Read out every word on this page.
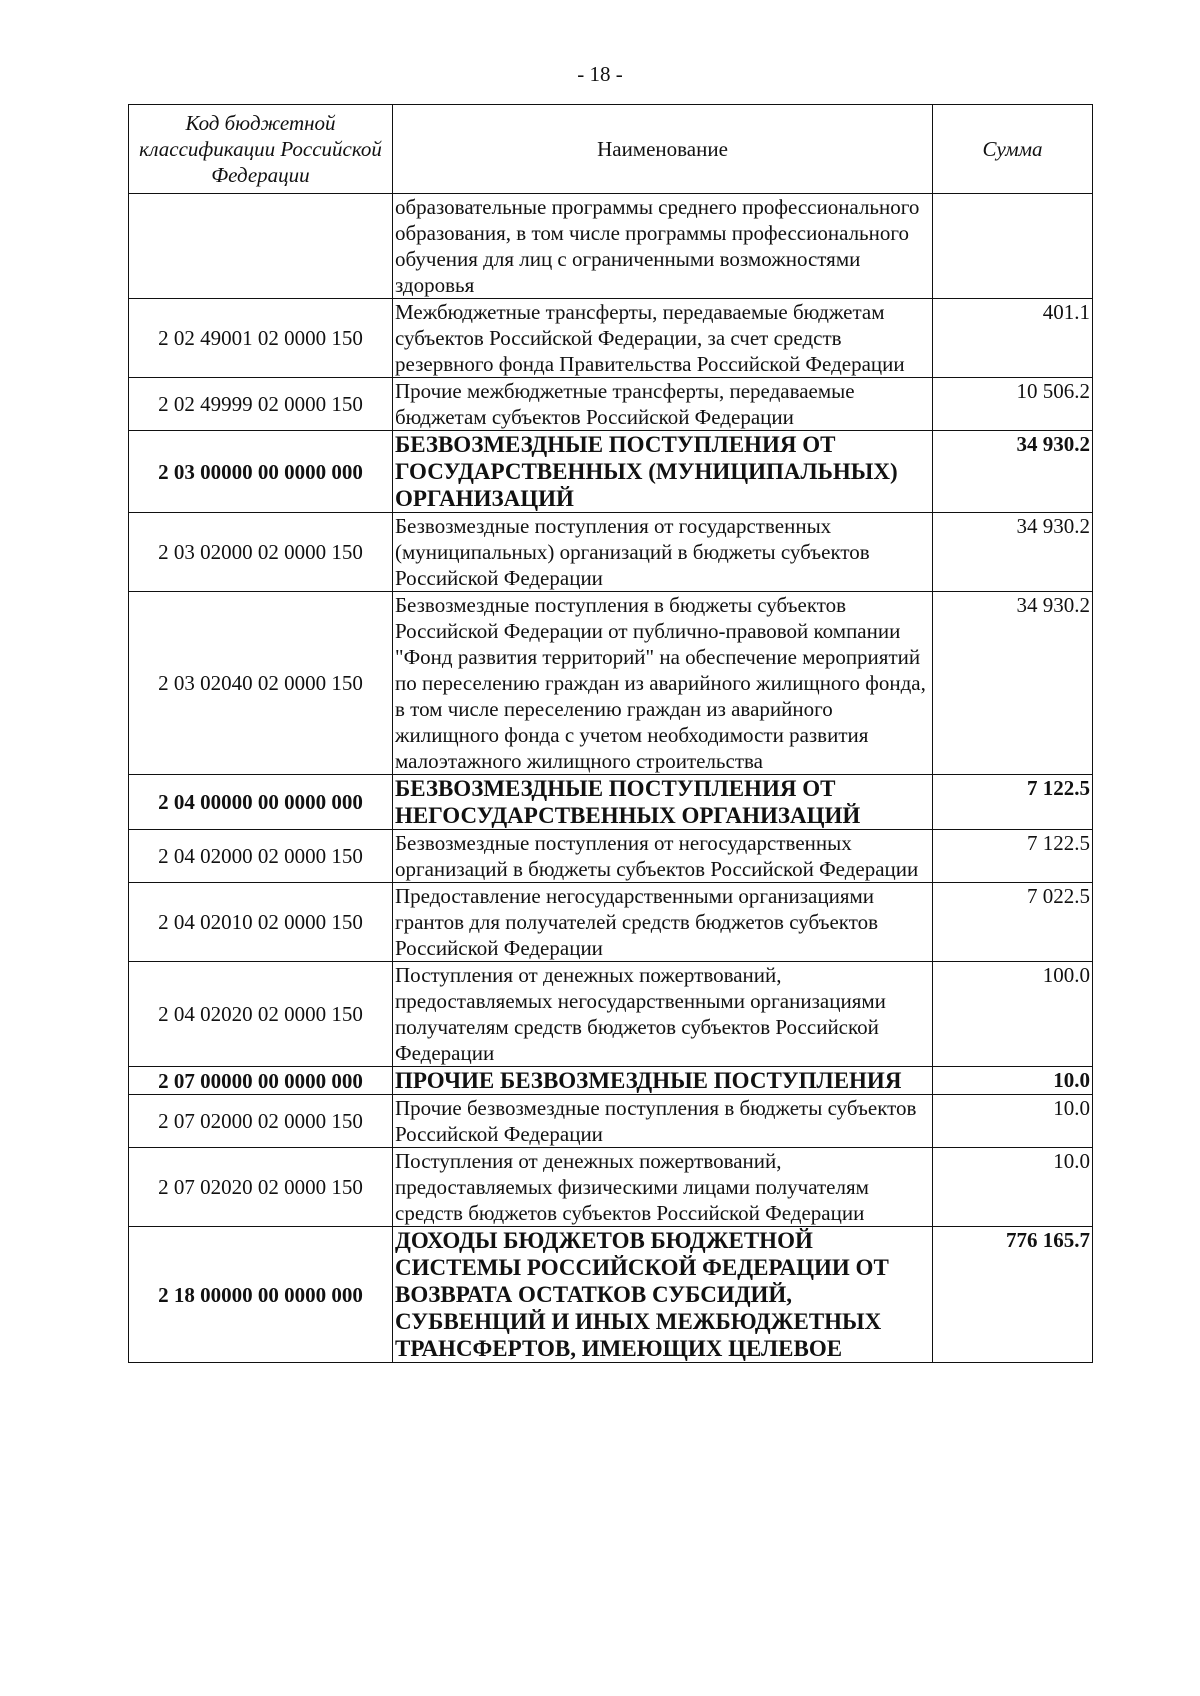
- 18 -
Код бюджетной классификации Российской Федерации	Наименование	Сумма
	образовательные программы среднего профессионального образования, в том числе программы профессионального обучения для лиц с ограниченными возможностями здоровья	
2 02 49001 02 0000 150	Межбюджетные трансферты, передаваемые бюджетам субъектов Российской Федерации, за счет средств резервного фонда Правительства Российской Федерации	401.1
2 02 49999 02 0000 150	Прочие межбюджетные трансферты, передаваемые бюджетам субъектов Российской Федерации	10 506.2
2 03 00000 00 0000 000	БЕЗВОЗМЕЗДНЫЕ ПОСТУПЛЕНИЯ ОТ ГОСУДАРСТВЕННЫХ (МУНИЦИПАЛЬНЫХ) ОРГАНИЗАЦИЙ	34 930.2
2 03 02000 02 0000 150	Безвозмездные поступления от государственных (муниципальных) организаций в бюджеты субъектов Российской Федерации	34 930.2
2 03 02040 02 0000 150	Безвозмездные поступления в бюджеты субъектов Российской Федерации от публично-правовой компании "Фонд развития территорий" на обеспечение мероприятий по переселению граждан из аварийного жилищного фонда, в том числе переселению граждан из аварийного жилищного фонда с учетом необходимости развития малоэтажного жилищного строительства	34 930.2
2 04 00000 00 0000 000	БЕЗВОЗМЕЗДНЫЕ ПОСТУПЛЕНИЯ ОТ НЕГОСУДАРСТВЕННЫХ ОРГАНИЗАЦИЙ	7 122.5
2 04 02000 02 0000 150	Безвозмездные поступления от негосударственных организаций в бюджеты субъектов Российской Федерации	7 122.5
2 04 02010 02 0000 150	Предоставление негосударственными организациями грантов для получателей средств бюджетов субъектов Российской Федерации	7 022.5
2 04 02020 02 0000 150	Поступления от денежных пожертвований, предоставляемых негосударственными организациями получателям средств бюджетов субъектов Российской Федерации	100.0
2 07 00000 00 0000 000	ПРОЧИЕ БЕЗВОЗМЕЗДНЫЕ ПОСТУПЛЕНИЯ	10.0
2 07 02000 02 0000 150	Прочие безвозмездные поступления в бюджеты субъектов Российской Федерации	10.0
2 07 02020 02 0000 150	Поступления от денежных пожертвований, предоставляемых физическими лицами получателям средств бюджетов субъектов Российской Федерации	10.0
2 18 00000 00 0000 000	ДОХОДЫ БЮДЖЕТОВ БЮДЖЕТНОЙ СИСТЕМЫ РОССИЙСКОЙ ФЕДЕРАЦИИ ОТ ВОЗВРАТА ОСТАТКОВ СУБСИДИЙ, СУБВЕНЦИЙ И ИНЫХ МЕЖБЮДЖЕТНЫХ ТРАНСФЕРТОВ, ИМЕЮЩИХ ЦЕЛЕВОЕ	776 165.7
